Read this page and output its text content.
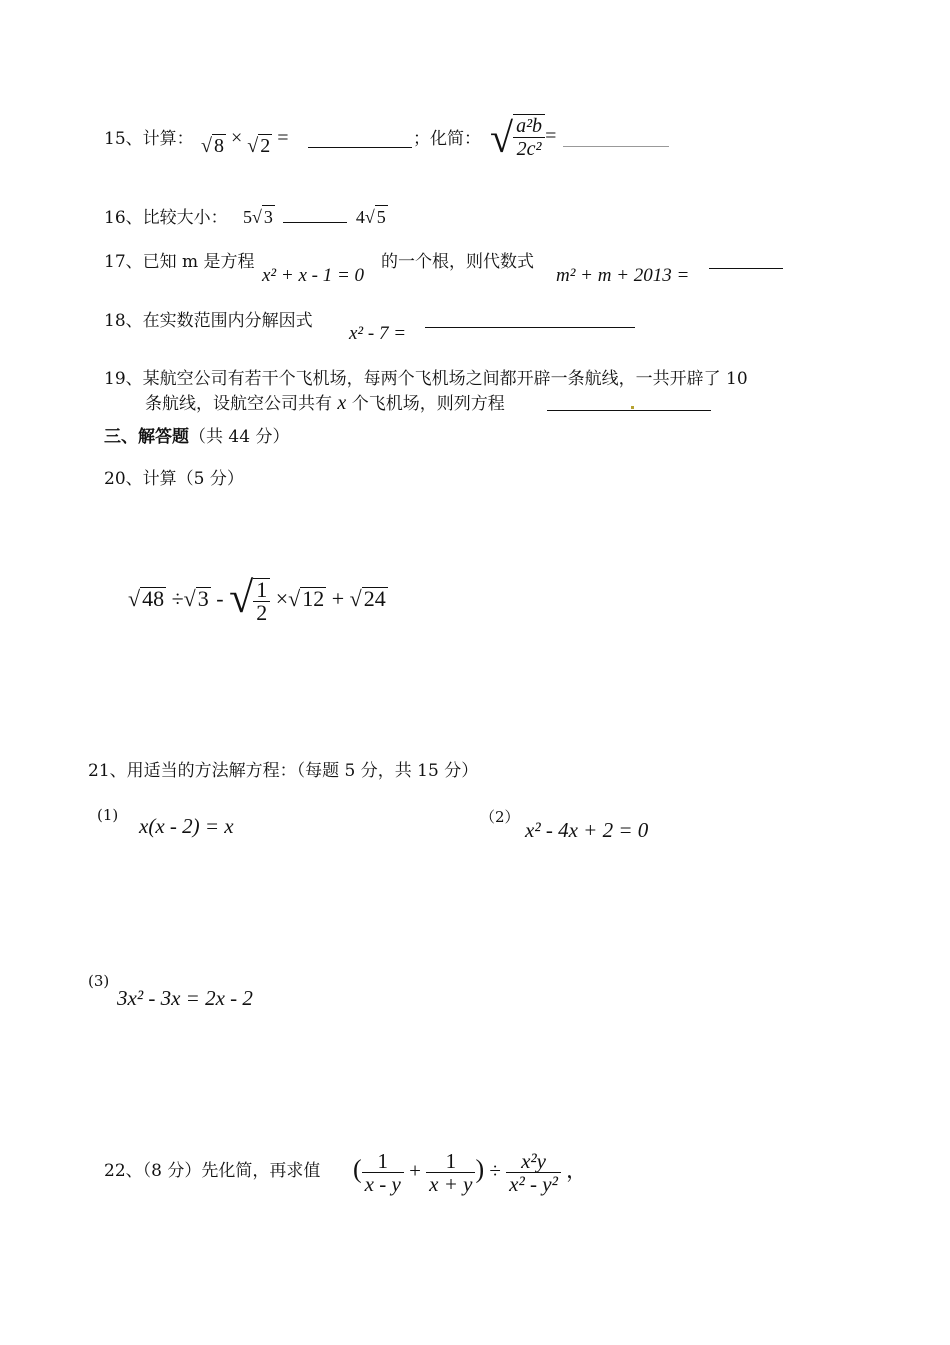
15、计算： √ 8 × √ 2 =	；化简： √ $\frac{\text{a²b}}{\text{2c²}}$ =
16、比较大小： 5√ 3	4√ 5
17、已知 m 是方程
x² + x - 1 = 0
的一个根，则代数式
m² + m + 2013 =
18、在实数范围内分解因式
x² - 7 =
19、某航空公司有若干个飞机场，每两个飞机场之间都开辟一条航线，一共开辟了 10
条航线，设航空公司共有 x 个飞机场，则列方程
三、解答题（共 44 分）
20、计算（5 分）
√48 ÷√3 - √ $\frac{1}{2} \times√12 + √24$
21、用适当的方法解方程：（每题 5 分，共 15 分）
(1) x(x - 2) = x	（2）
x² - 4x + 2 = 0
(3)
3x² - 3x = 2x - 2
22、（8 分）先化简，再求值 ( $\frac{1}{x - y} + \frac{1}{x + y}$ ) ÷ $\frac{\text{x²y}}{\text{x² - y²}}$ ，
